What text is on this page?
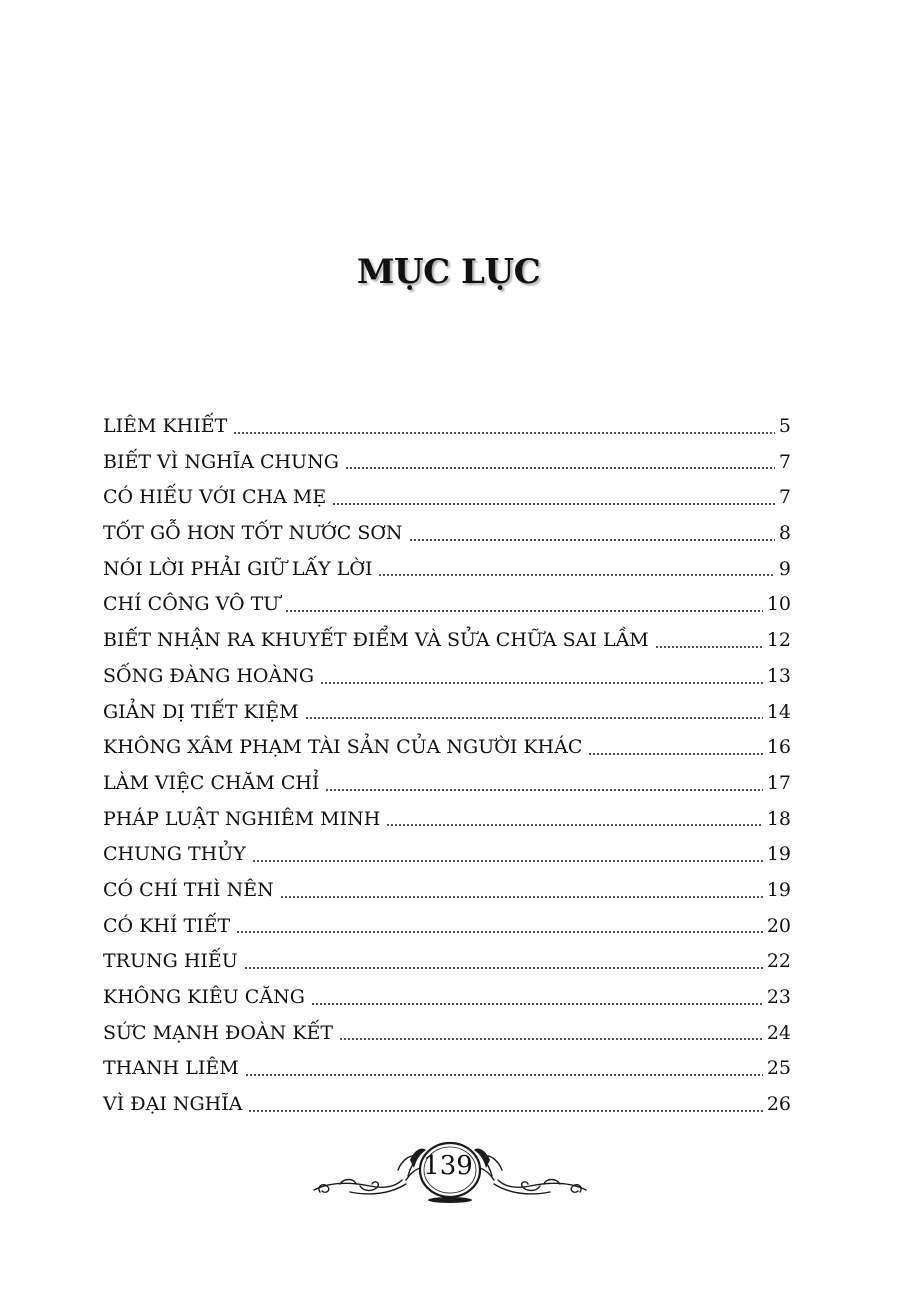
MỤC LỤC
LIÊM KHIẾT	5
BIẾT VÌ NGHĨA CHUNG	7
CÓ HIẾU VỚI CHA MẸ	7
TỐT GỖ HƠN TỐT NƯỚC SƠN	8
NÓI LỜI PHẢI GIỮ LẤY LỜI	9
CHÍ CÔNG VÔ TƯ	10
BIẾT NHẬN RA KHUYẾT ĐIỂM VÀ SỬA CHỮA SAI LẦM	12
SỐNG ĐÀNG HOÀNG	13
GIẢN DỊ TIẾT KIỆM	14
KHÔNG XÂM PHẠM TÀI SẢN CỦA NGƯỜI KHÁC	16
LÀM VIỆC CHĂM CHỈ	17
PHÁP LUẬT NGHIÊM MINH	18
CHUNG THỦY	19
CÓ CHÍ THÌ NÊN	19
CÓ KHÍ TIẾT	20
TRUNG HIẾU	22
KHÔNG KIÊU CĂNG	23
SỨC MẠNH ĐOÀN KẾT	24
THANH LIÊM	25
VÌ ĐẠI NGHĨA	26
139
